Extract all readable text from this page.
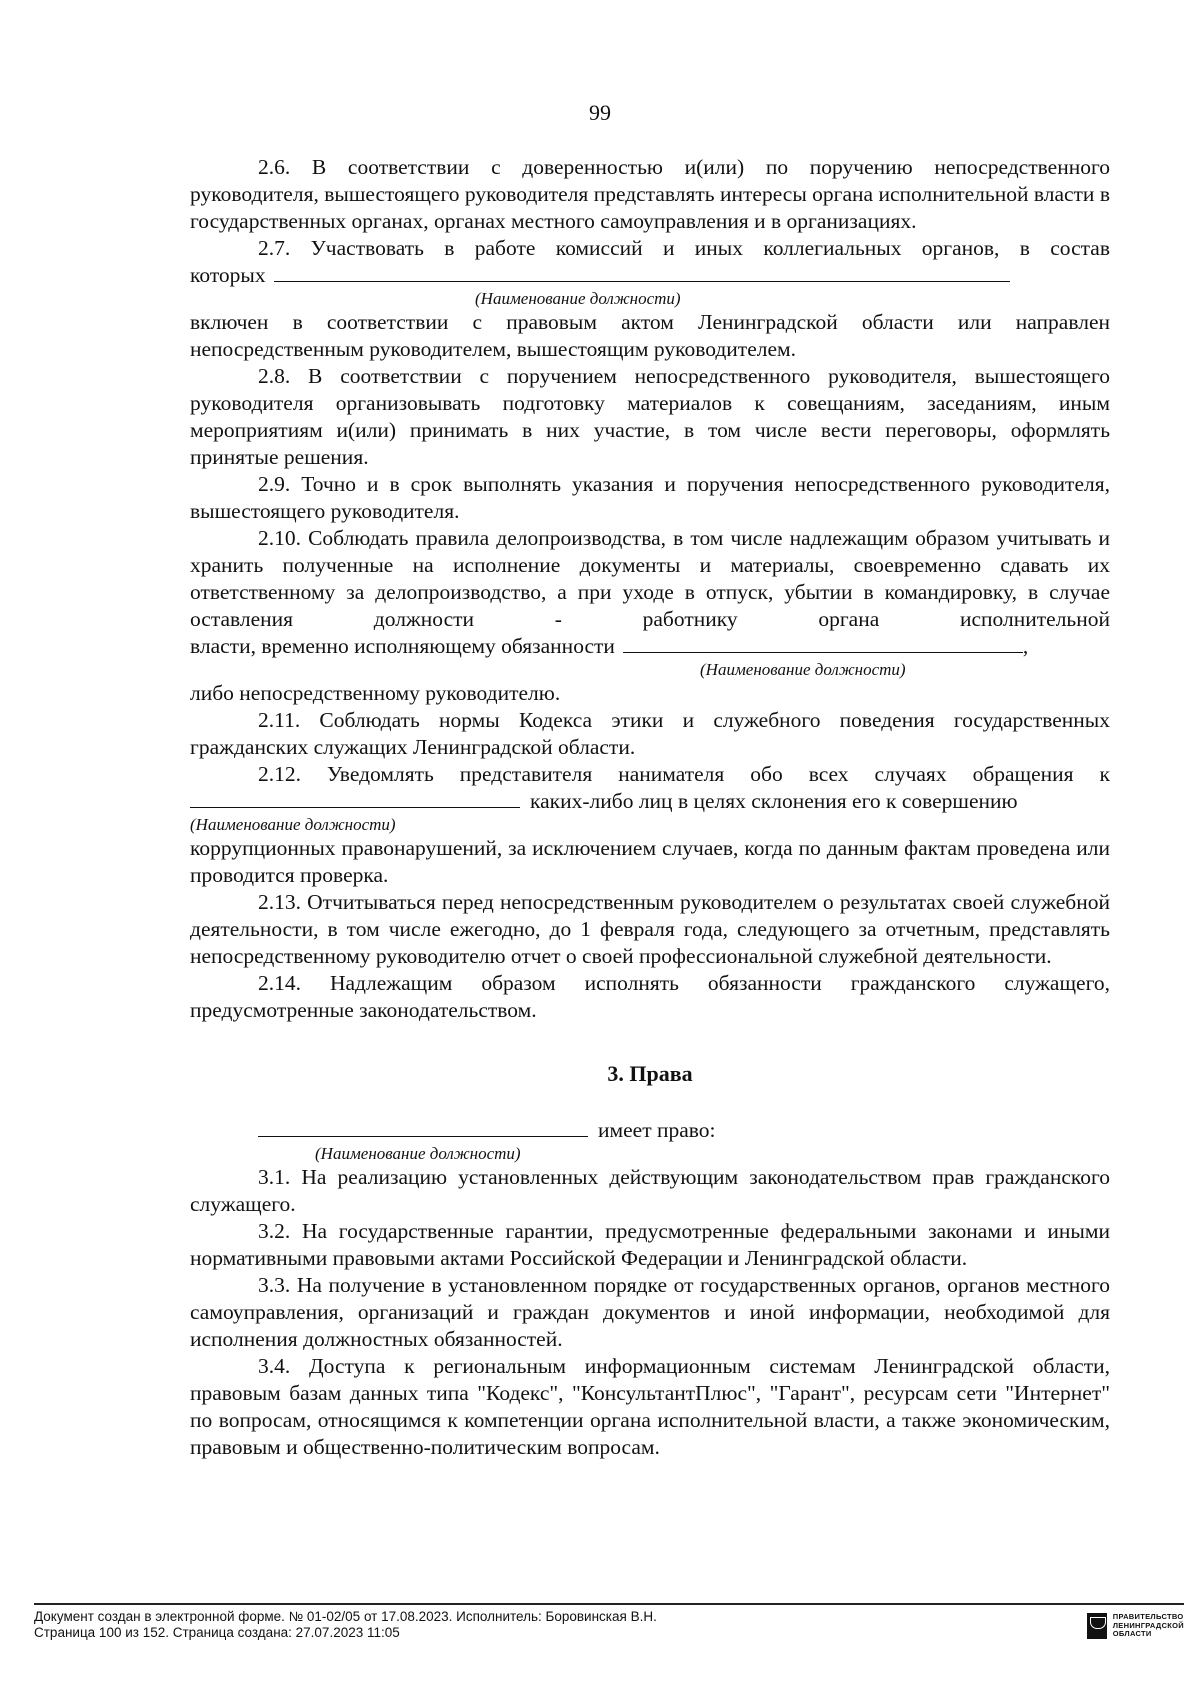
99

2.6. В соответствии с доверенностью и(или) по поручению непосредственного руководителя, вышестоящего руководителя представлять интересы органа исполнительной власти в государственных органах, органах местного самоуправления и в организациях.

2.7. Участвовать в работе комиссий и иных коллегиальных органов, в состав

которых
(Наименование должности)

включен в соответствии с правовым актом Ленинградской области или направлен непосредственным руководителем, вышестоящим руководителем.

2.8. В соответствии с поручением непосредственного руководителя, вышестоящего руководителя организовывать подготовку материалов к совещаниям, заседаниям, иным мероприятиям и(или) принимать в них участие, в том числе вести переговоры, оформлять принятые решения.

2.9. Точно и в срок выполнять указания и поручения непосредственного руководителя, вышестоящего руководителя.

2.10. Соблюдать правила делопроизводства, в том числе надлежащим образом учитывать и хранить полученные на исполнение документы и материалы, своевременно сдавать их ответственному за делопроизводство, а при уходе в отпуск, убытии в командировку, в случае оставления должности - работнику органа исполнительной

власти, временно исполняющему обязанности	,
(Наименование должности)

либо непосредственному руководителю.

2.11. Соблюдать нормы Кодекса этики и служебного поведения государственных гражданских служащих Ленинградской области.

2.12. Уведомлять представителя нанимателя обо всех случаях обращения к

каких-либо лиц в целях склонения его к совершению
(Наименование должности)

коррупционных правонарушений, за исключением случаев, когда по данным фактам проведена или проводится проверка.

2.13. Отчитываться перед непосредственным руководителем о результатах своей служебной деятельности, в том числе ежегодно, до 1 февраля года, следующего за отчетным, представлять непосредственному руководителю отчет о своей профессиональной служебной деятельности.

2.14. Надлежащим образом исполнять обязанности гражданского служащего, предусмотренные законодательством.

3. Права
имеет право:
(Наименование должности)

3.1. На реализацию установленных действующим законодательством прав гражданского служащего.

3.2. На государственные гарантии, предусмотренные федеральными законами и иными нормативными правовыми актами Российской Федерации и Ленинградской области.

3.3. На получение в установленном порядке от государственных органов, органов местного самоуправления, организаций и граждан документов и иной информации, необходимой для исполнения должностных обязанностей.

3.4. Доступа к региональным информационным системам Ленинградской области, правовым базам данных типа "Кодекс", "КонсультантПлюс", "Гарант", ресурсам сети "Интернет" по вопросам, относящимся к компетенции органа исполнительной власти, а также экономическим, правовым и общественно-политическим вопросам.

Документ создан в электронной форме. № 01-02/05 от 17.08.2023. Исполнитель: Боровинская В.Н.
Страница 100 из 152. Страница создана: 27.07.2023 11:05
ПРАВИТЕЛЬСТВО
ЛЕНИНГРАДСКОЙ
ОБЛАСТИ
